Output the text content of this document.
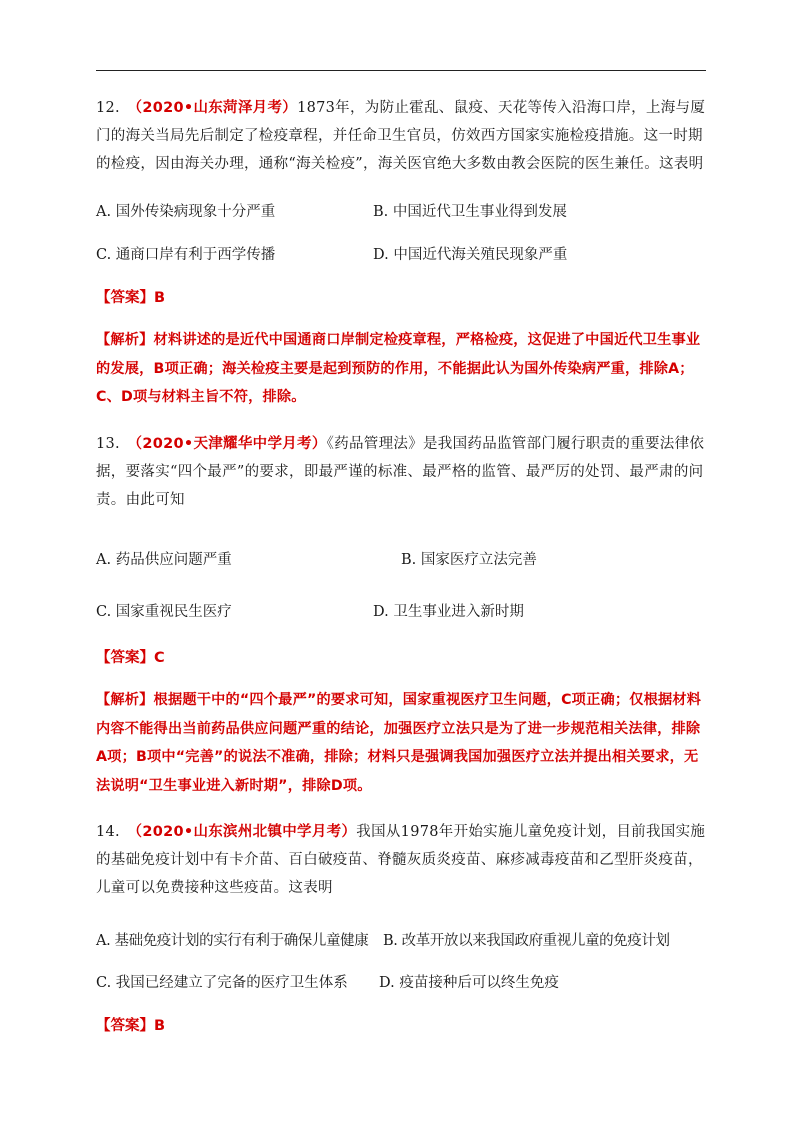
12.　 （2020•山东菏泽月考）1873年，为防止霍乱、鼠疫、天花等传入沿海口岸，上海与厦门的海关当局先后制定了检疫章程，并任命卫生官员，仿效西方国家实施检疫措施。这一时期的检疫，因由海关办理，通称“海关检疫”，海关医官绝大多数由教会医院的医生兼任。这表明

A. 国外传染病现象十分严重	B. 中国近代卫生事业得到发展
C. 通商口岸有利于西学传播	D. 中国近代海关殖民现象严重
【答案】B

【解析】材料讲述的是近代中国通商口岸制定检疫章程，严格检疫，这促进了中国近代卫生事业的发展，B项正确；海关检疫主要是起到预防的作用，不能据此认为国外传染病严重，排除A；C、D项与材料主旨不符，排除。

13.　 （2020•天津耀华中学月考）《药品管理法》是我国药品监管部门履行职责的重要法律依据，要落实“四个最严”的要求，即最严谨的标准、最严格的监管、最严厉的处罚、最严肃的问责。由此可知

A. 药品供应问题严重	B. 国家医疗立法完善
C. 国家重视民生医疗	D. 卫生事业进入新时期
【答案】C

【解析】根据题干中的“四个最严”的要求可知，国家重视医疗卫生问题，C项正确；仅根据材料内容不能得出当前药品供应问题严重的结论，加强医疗立法只是为了进一步规范相关法律，排除A项；B项中“完善”的说法不准确，排除；材料只是强调我国加强医疗立法并提出相关要求，无法说明“卫生事业进入新时期”，排除D项。

14.　 （2020•山东滨州北镇中学月考）我国从1978年开始实施儿童免疫计划，目前我国实施的基础免疫计划中有卡介苗、百白破疫苗、脊髓灰质炎疫苗、麻疹减毒疫苗和乙型肝炎疫苗，儿童可以免费接种这些疫苗。这表明

A. 基础免疫计划的实行有利于确保儿童健康 B. 改革开放以来我国政府重视儿童的免疫计划
C. 我国已经建立了完备的医疗卫生体系 D. 疫苗接种后可以终生免疫
【答案】B
